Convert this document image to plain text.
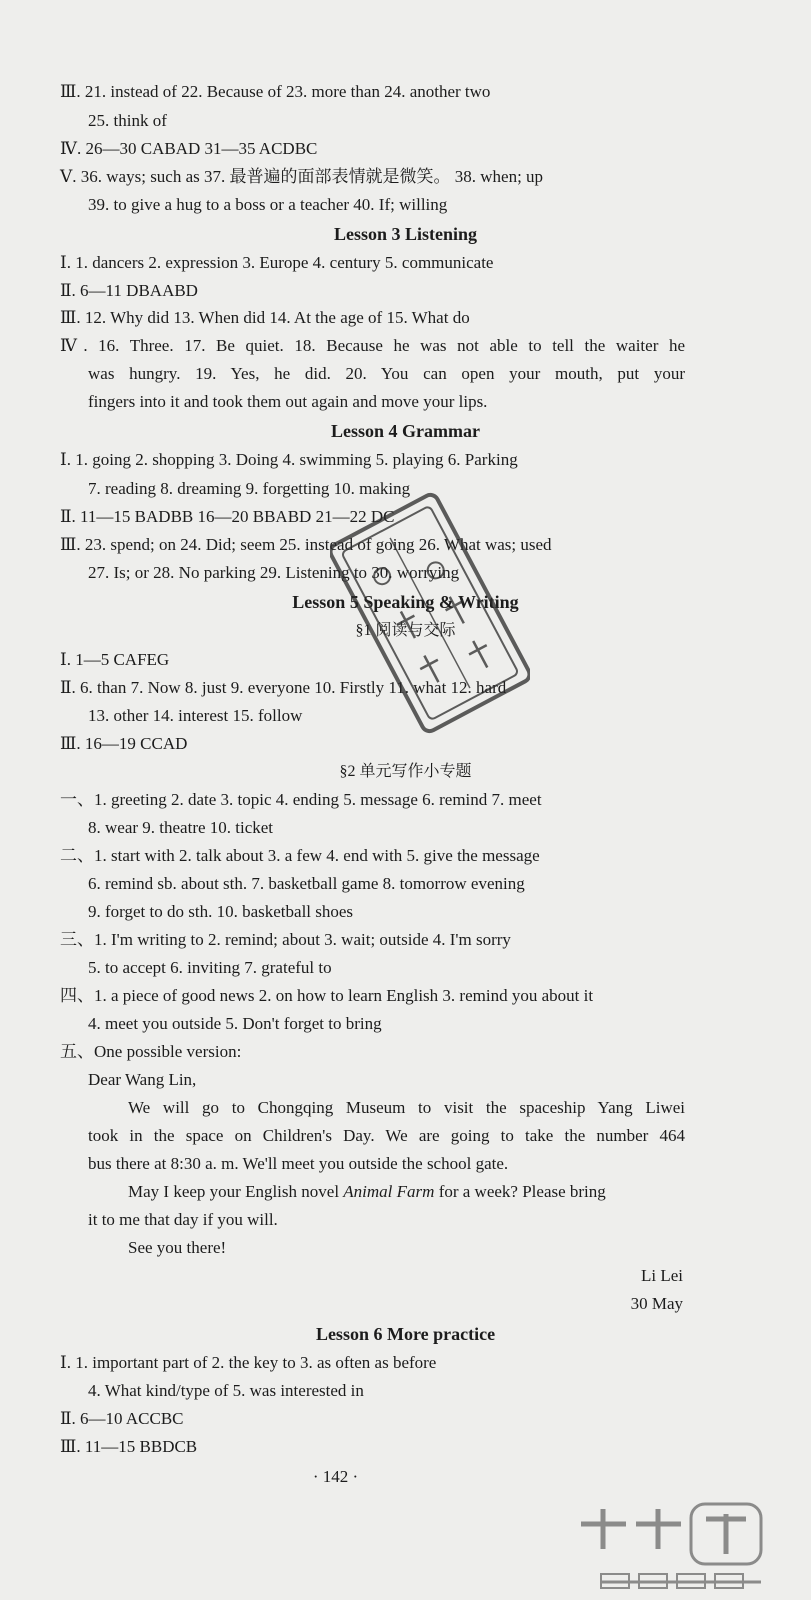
Ⅲ. 21. instead of 22. Because of 23. more than 24. another two
25. think of
Ⅳ. 26—30 CABAD 31—35 ACDBC
Ⅴ. 36. ways; such as 37. 最普遍的面部表情就是微笑。 38. when; up
39. to give a hug to a boss or a teacher 40. If; willing
Lesson 3 Listening
Ⅰ. 1. dancers 2. expression 3. Europe 4. century 5. communicate
Ⅱ. 6—11 DBAABD
Ⅲ. 12. Why did 13. When did 14. At the age of 15. What do
Ⅳ. 16. Three. 17. Be quiet. 18. Because he was not able to tell the waiter he
was hungry. 19. Yes, he did. 20. You can open your mouth, put your
fingers into it and took them out again and move your lips.
Lesson 4 Grammar
Ⅰ. 1. going 2. shopping 3. Doing 4. swimming 5. playing 6. Parking
7. reading 8. dreaming 9. forgetting 10. making
Ⅱ. 11—15 BADBB 16—20 BBABD 21—22 DC
Ⅲ. 23. spend; on 24. Did; seem 25. instead of going 26. What was; used
27. Is; or 28. No parking 29. Listening to 30. worrying
Lesson 5 Speaking & Writing
§1 阅读与交际
Ⅰ. 1—5 CAFEG
Ⅱ. 6. than 7. Now 8. just 9. everyone 10. Firstly 11. what 12. hard
13. other 14. interest 15. follow
Ⅲ. 16—19 CCAD
§2 单元写作小专题
一、1. greeting 2. date 3. topic 4. ending 5. message 6. remind 7. meet
8. wear 9. theatre 10. ticket
二、1. start with 2. talk about 3. a few 4. end with 5. give the message
6. remind sb. about sth. 7. basketball game 8. tomorrow evening
9. forget to do sth. 10. basketball shoes
三、1. I'm writing to 2. remind; about 3. wait; outside 4. I'm sorry
5. to accept 6. inviting 7. grateful to
四、1. a piece of good news 2. on how to learn English 3. remind you about it
4. meet you outside 5. Don't forget to bring
五、One possible version:
Dear Wang Lin,
We will go to Chongqing Museum to visit the spaceship Yang Liwei
took in the space on Children's Day. We are going to take the number 464
bus there at 8:30 a. m. We'll meet you outside the school gate.
May I keep your English novel Animal Farm for a week? Please bring
it to me that day if you will.
See you there!
Li Lei
30 May
Lesson 6 More practice
Ⅰ. 1. important part of 2. the key to 3. as often as before
4. What kind/type of 5. was interested in
Ⅱ. 6—10 ACCBC
Ⅲ. 11—15 BBDCB
· 142 ·
